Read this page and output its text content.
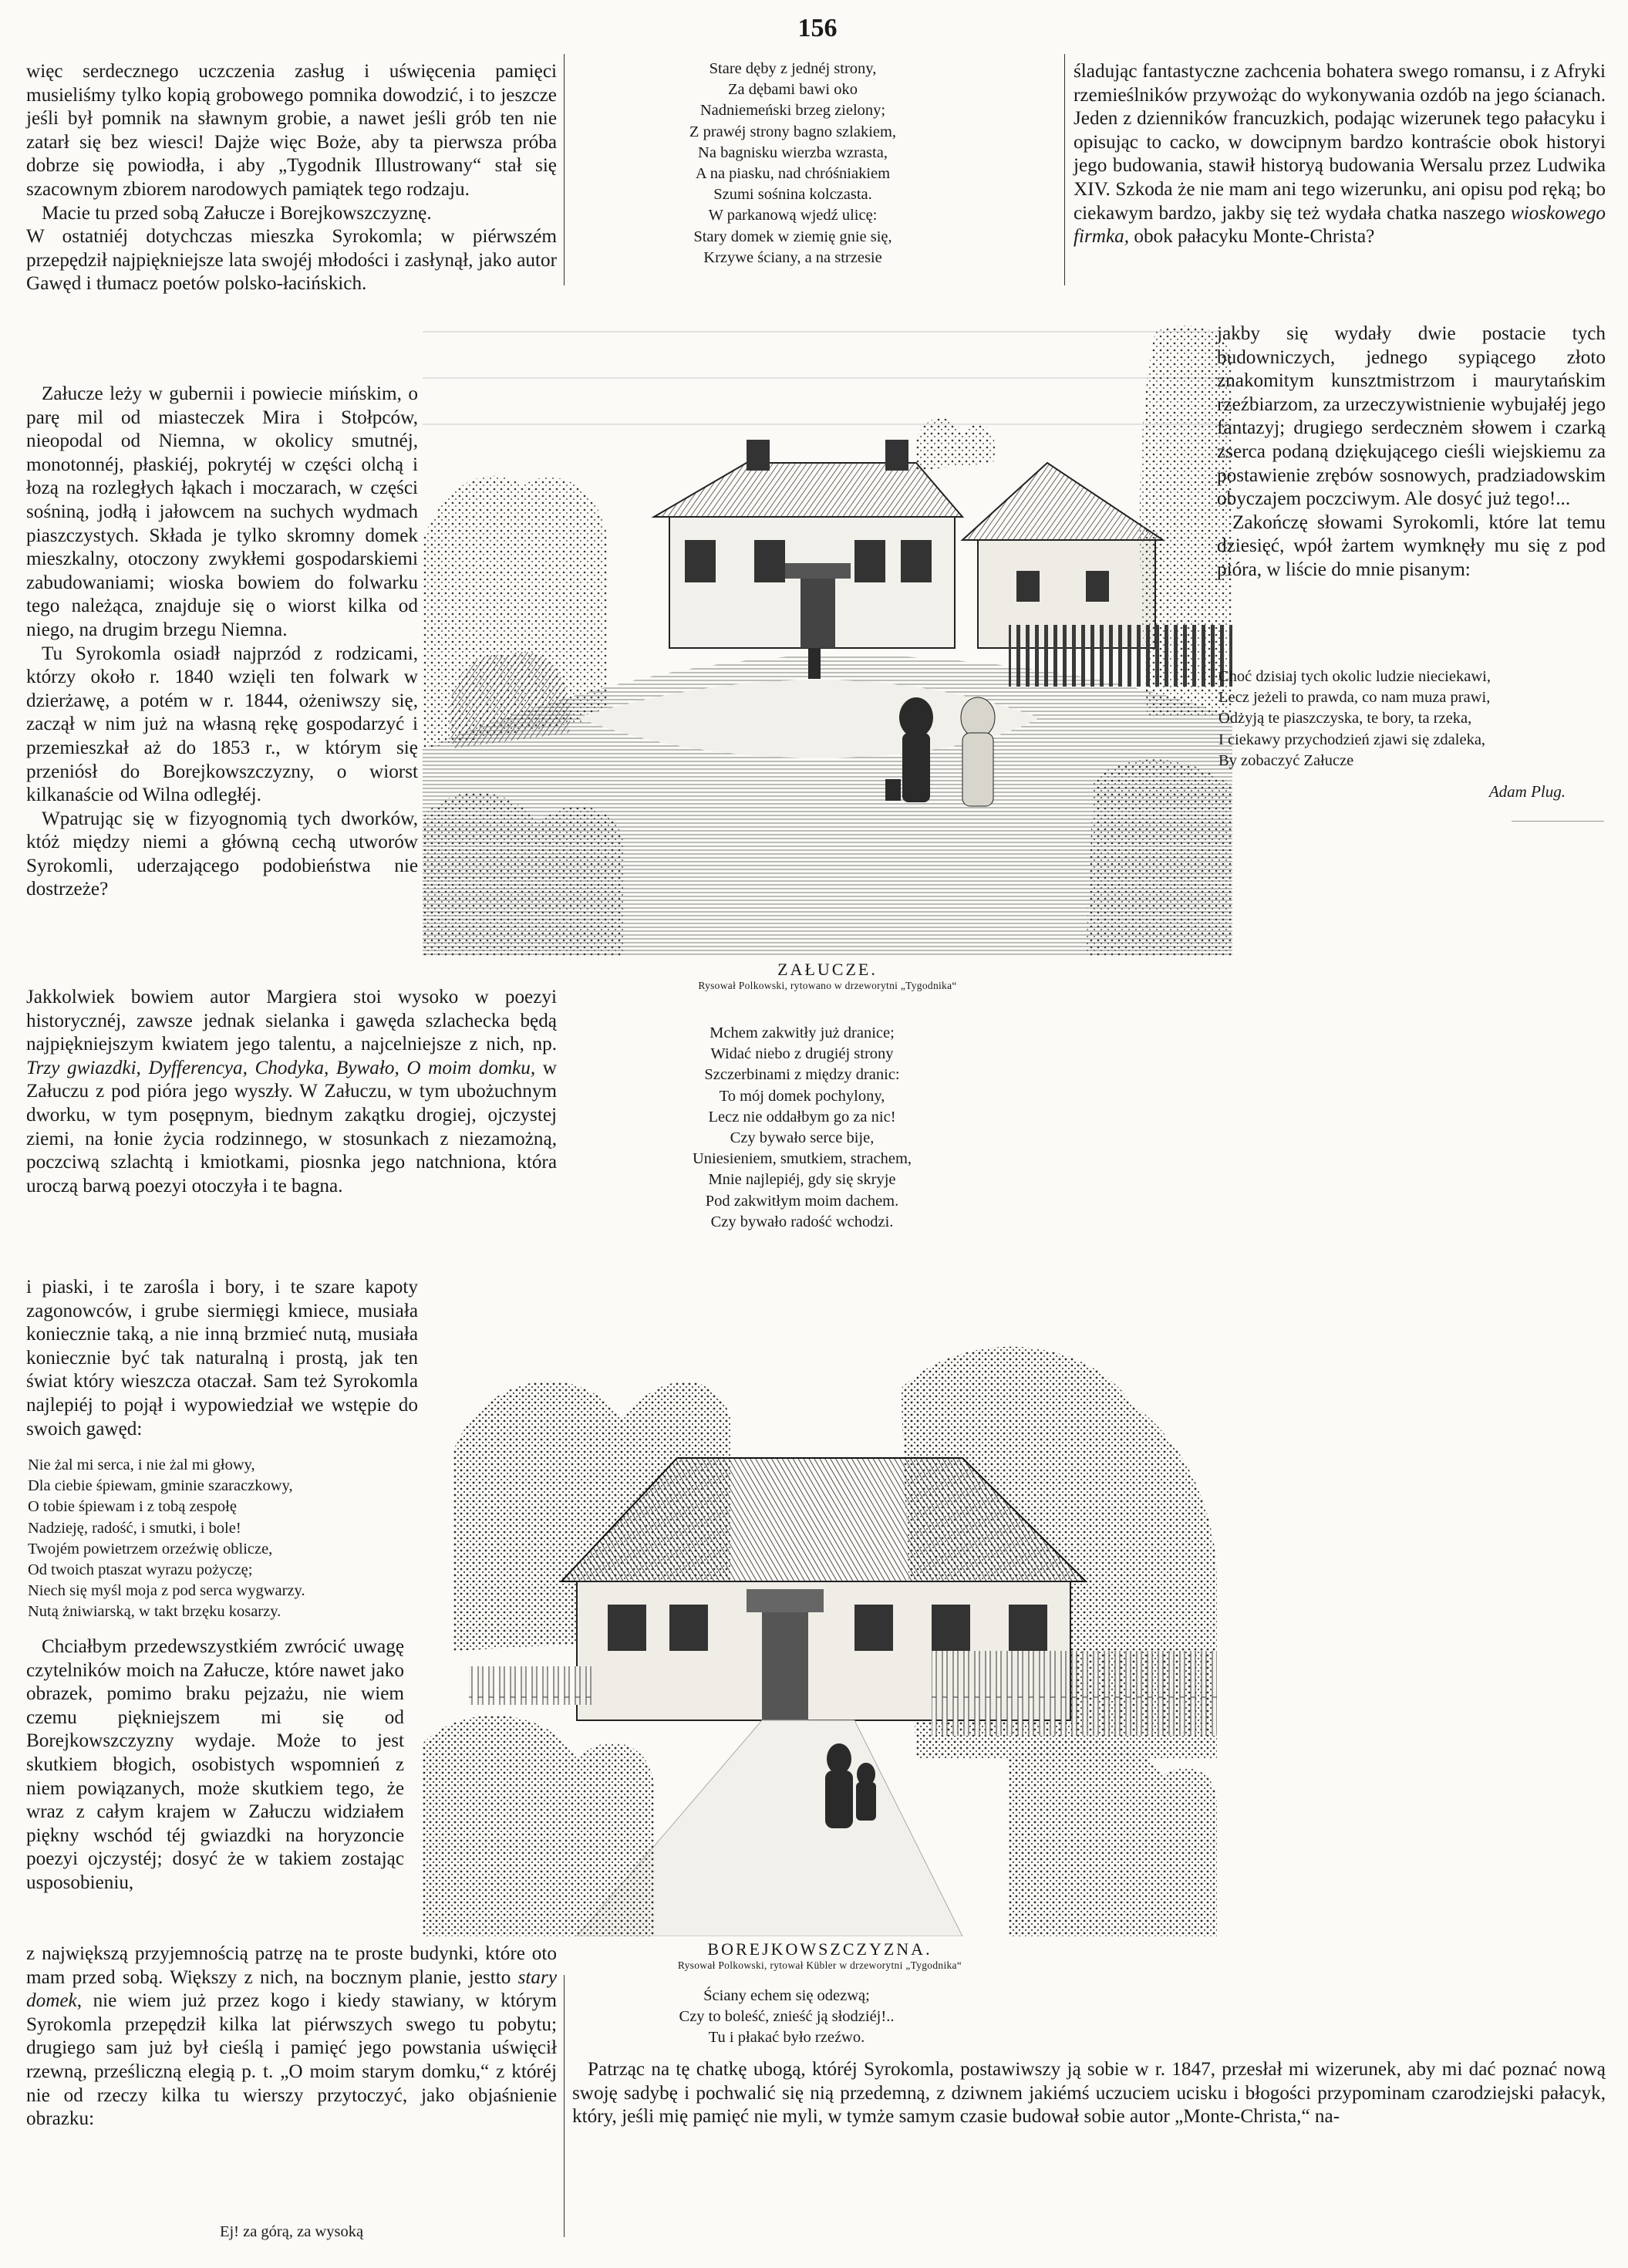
156

więc serdecznego uczczenia zasług i uświęcenia pamięci musieliśmy tylko kopią grobowego pomnika dowodzić, i to jeszcze jeśli był pomnik na sławnym grobie, a nawet jeśli grób ten nie zatarł się bez wiesci! Dajże więc Boże, aby ta pierwsza próba dobrze się powiodła, i aby „Tygodnik Illustrowany“ stał się szacownym zbiorem narodowych pamiątek tego rodzaju.

Macie tu przed sobą Załucze i Borejkowszczyznę.

W ostatniéj dotychczas mieszka Syrokomla; w piérwszém przepędził najpiękniejsze lata swojéj młodości i zasłynął, jako autor Gawęd i tłumacz poetów polsko-łacińskich.

Załucze leży w gubernii i powiecie mińskim, o parę mil od miasteczek Mira i Stołpców, nieopodal od Niemna, w okolicy smutnéj, monotonnéj, płaskiéj, pokrytéj w części olchą i łozą na rozległych łąkach i moczarach, w części sośniną, jodłą i jałowcem na suchych wydmach piaszczystych. Składa je tylko skromny domek mieszkalny, otoczony zwykłemi gospodarskiemi zabudowaniami; wioska bowiem do folwarku tego należąca, znajduje się o wiorst kilka od niego, na drugim brzegu Niemna.

Tu Syrokomla osiadł najprzód z rodzicami, którzy około r. 1840 wzięli ten folwark w dzierżawę, a potém w r. 1844, ożeniwszy się, zaczął w nim już na własną rękę gospodarzyć i przemieszkał aż do 1853 r., w którym się przeniósł do Borejkowszczyzny, o wiorst kilkanaście od Wilna odległéj.

Wpatrując się w fizyognomią tych dworków, któż między niemi a główną cechą utworów Syrokomli, uderzającego podobieństwa nie dostrzeże?

Jakkolwiek bowiem autor Margiera stoi wysoko w poezyi historycznéj, zawsze jednak sielanka i gawęda szlachecka będą najpiękniejszym kwiatem jego talentu, a najcelniejsze z nich, np. Trzy gwiazdki, Dyfferencya, Chodyka, Bywało, O moim domku, w Załuczu z pod pióra jego wyszły. W Załuczu, w tym ubożuchnym dworku, w tym posępnym, biednym zakątku drogiej, ojczystej ziemi, na łonie życia rodzinnego, w stosunkach z niezamożną, poczciwą szlachtą i kmiotkami, piosnka jego natchniona, która uroczą barwą poezyi otoczyła i te bagna.

i piaski, i te zarośla i bory, i te szare kapoty zagonowców, i grube siermięgi kmiece, musiała koniecznie taką, a nie inną brzmieć nutą, musiała koniecznie być tak naturalną i prostą, jak ten świat który wieszcza otaczał. Sam też Syrokomla najlepiéj to pojął i wypowiedział we wstępie do swoich gawęd:

Nie żal mi serca, i nie żal mi głowy,
Dla ciebie śpiewam, gminie szaraczkowy,
O tobie śpiewam i z tobą zespołę
Nadzieję, radość, i smutki, i bole!
Twojém powietrzem orzeźwię oblicze,
Od twoich ptaszat wyrazu pożyczę;
Niech się myśl moja z pod serca wygwarzy.
Nutą żniwiarską, w takt brzęku kosarzy.

Chciałbym przedewszystkiém zwrócić uwagę czytelników moich na Załucze, które nawet jako obrazek, pomimo braku pejzażu, nie wiem czemu piękniejszem mi się od Borejkowszczyzny wydaje. Może to jest skutkiem błogich, osobistych wspomnień z niem powiązanych, może skutkiem tego, że wraz z całym krajem w Załuczu widziałem piękny wschód téj gwiazdki na horyzoncie poezyi ojczystéj; dosyć że w takiem zostając usposobieniu,

z największą przyjemnością patrzę na te proste budynki, które oto mam przed sobą. Większy z nich, na bocznym planie, jestto stary domek, nie wiem już przez kogo i kiedy stawiany, w którym Syrokomla przepędził kilka lat piérwszych swego tu pobytu; drugiego sam już był cieślą i pamięć jego powstania uświęcił rzewną, prześliczną elegią p. t. „O moim starym domku,“ z któréj nie od rzeczy kilka tu wierszy przytoczyć, jako objaśnienie obrazku:

Ej! za górą, za wysoką
Stare dęby z jednéj strony,
Za dębami bawi oko
Nadniemeński brzeg zielony;
Z prawéj strony bagno szlakiem,
Na bagnisku wierzba wzrasta,
A na piasku, nad chróśniakiem
Szumi sośnina kolczasta.
W parkanową wjedź ulicę:
Stary domek w ziemię gnie się,
Krzywe ściany, a na strzesie

śladując fantastyczne zachcenia bohatera swego romansu, i z Afryki rzemieślników przywożąc do wykonywania ozdób na jego ścianach. Jeden z dzienników francuzkich, podając wizerunek tego pałacyku i opisując to cacko, w dowcipnym bardzo kontraście obok historyi jego budowania, stawił historyą budowania Wersalu przez Ludwika XIV. Szkoda że nie mam ani tego wizerunku, ani opisu pod ręką; bo ciekawym bardzo, jakby się też wydała chatka naszego wioskowego firmka, obok pałacyku Monte-Christa?

jakby się wydały dwie postacie tych budowniczych, jednego sypiącego złoto znakomitym kunsztmistrzom i maurytańskim rzeźbiarzom, za urzeczywistnienie wybujałéj jego fantazyj; drugiego serdecznėm słowem i czarką zserca podaną dziękującego cieśli wiejskiemu za postawienie zrębów sosnowych, pradziadowskim obyczajem poczciwym. Ale dosyć już tego!...

Zakończę słowami Syrokomli, które lat temu dziesięć, wpół żartem wymknęły mu się z pod pióra, w liście do mnie pisanym:

Choć dzisiaj tych okolic ludzie nieciekawi,
Lecz jeżeli to prawda, co nam muza prawi,
Odżyją te piaszczyska, te bory, ta rzeka,
I ciekawy przychodzień zjawi się zdaleka,
By zobaczyć Załucze
Adam Plug.
ZAŁUCZE.
Rysował Polkowski, rytowano w drzeworytni „Tygodnika“
Mchem zakwitły już dranice;
Widać niebo z drugiéj strony
Szczerbinami z między dranic:
To mój domek pochylony,
Lecz nie oddałbym go za nic!
Czy bywało serce bije,
Uniesieniem, smutkiem, strachem,
Mnie najlepiéj, gdy się skryje
Pod zakwitłym moim dachem.
Czy bywało radość wchodzi.
BOREJKOWSZCZYZNA.
Rysował Polkowski, rytował Kübler w drzeworytni „Tygodnika“
Ściany echem się odezwą;
Czy to boleść, znieść ją słodziéj!..
Tu i płakać było rzeźwo.

Patrząc na tę chatkę ubogą, któréj Syrokomla, postawiwszy ją sobie w r. 1847, przesłał mi wizerunek, aby mi dać poznać nową swoję sadybę i pochwalić się nią przedemną, z dziwnem jakiémś uczuciem ucisku i błogości przypominam czarodziejski pałacyk, który, jeśli mię pamięć nie myli, w tymże samym czasie budował sobie autor „Monte-Christa,“ na-
